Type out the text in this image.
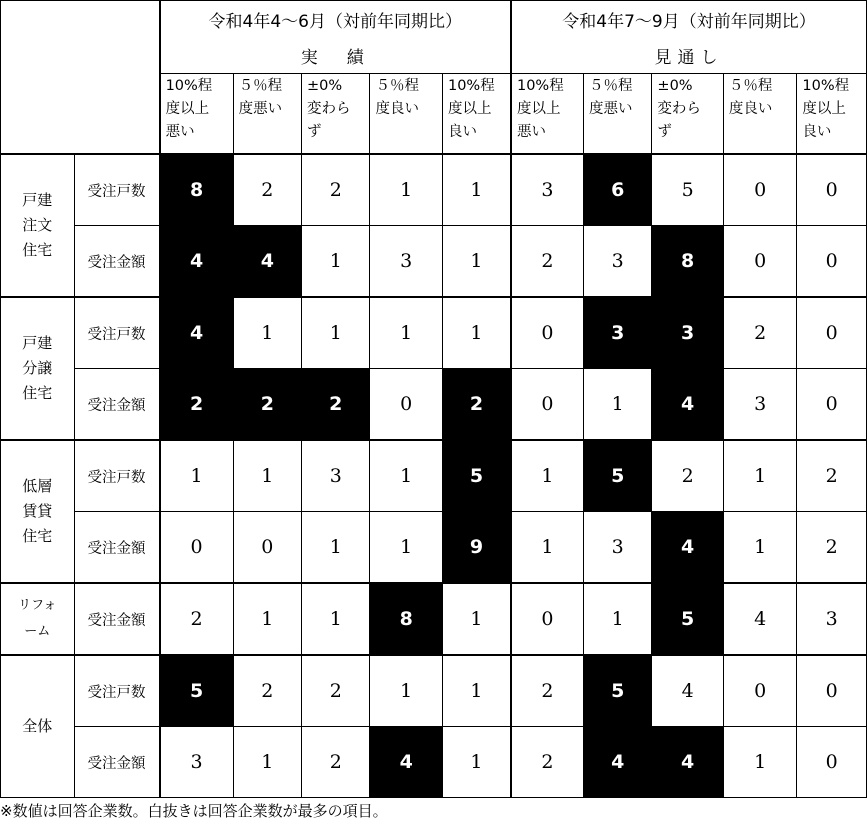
		令和4年4～6月（対前年同期比）					令和4年7～9月（対前年同期比）				
		実　績					見通し				
		10%程
度以上
悪い	５％程
度悪い	±0%
変わら
ず	５％程
度良い	10%程
度以上
良い	10%程
度以上
悪い	５％程
度悪い	±0%
変わら
ず	５％程
度良い	10%程
度以上
良い
戸建
注文
住宅	受注戸数	8	2	2	1	1	3	6	5	0	0
	受注金額	4	4	1	3	1	2	3	8	0	0
戸建
分譲
住宅	受注戸数	4	1	1	1	1	0	3	3	2	0
	受注金額	2	2	2	0	2	0	1	4	3	0
低層
賃貸
住宅	受注戸数	1	1	3	1	5	1	5	2	1	2
	受注金額	0	0	1	1	9	1	3	4	1	2
リフォ
ーム	受注金額	2	1	1	8	1	0	1	5	4	3
全体	受注戸数	5	2	2	1	1	2	5	4	0	0
	受注金額	3	1	2	4	1	2	4	4	1	0
※数値は回答企業数。白抜きは回答企業数が最多の項目。
